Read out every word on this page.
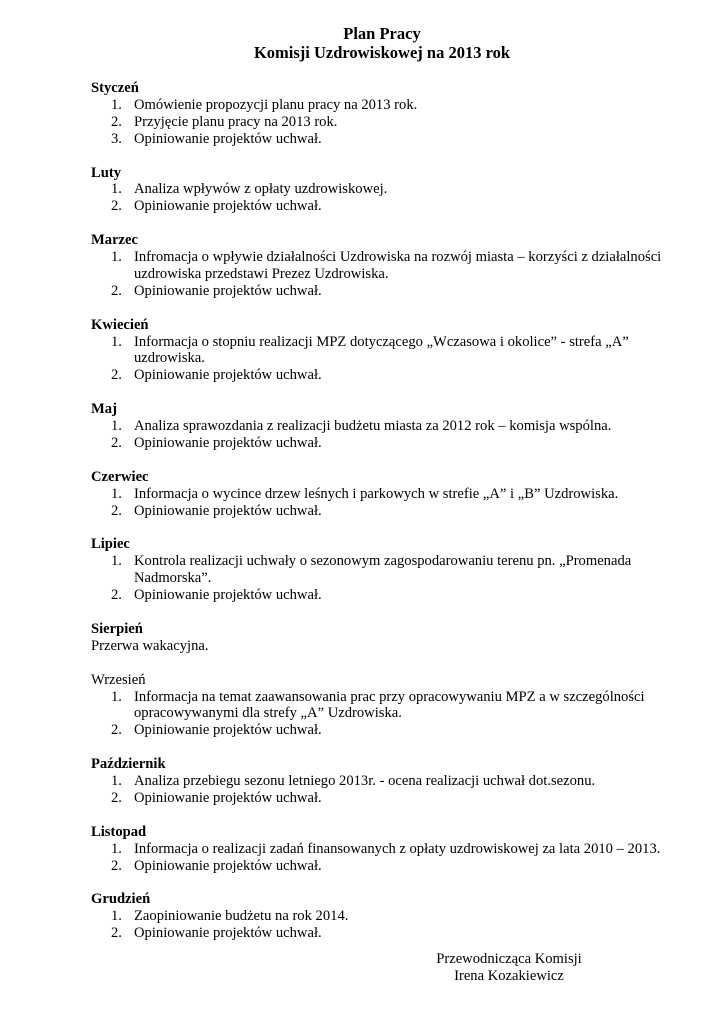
Plan Pracy
Komisji Uzdrowiskowej na 2013 rok
Styczeń
1. Omówienie propozycji planu pracy na 2013 rok.
2. Przyjęcie planu pracy na 2013 rok.
3. Opiniowanie projektów uchwał.
Luty
1. Analiza wpływów z opłaty uzdrowiskowej.
2. Opiniowanie projektów uchwał.
Marzec
1. Infromacja o wpływie działalności Uzdrowiska na rozwój miasta – korzyści z działalności uzdrowiska przedstawi Prezez Uzdrowiska.
2. Opiniowanie projektów uchwał.
Kwiecień
1. Informacja o stopniu realizacji MPZ dotyczącego „Wczasowa i okolice” - strefa „A” uzdrowiska.
2. Opiniowanie projektów uchwał.
Maj
1. Analiza sprawozdania z realizacji budżetu miasta za 2012 rok – komisja wspólna.
2. Opiniowanie projektów uchwał.
Czerwiec
1. Informacja o wycince drzew leśnych i parkowych w strefie „A” i „B” Uzdrowiska.
2. Opiniowanie projektów uchwał.
Lipiec
1. Kontrola realizacji uchwały o sezonowym zagospodarowaniu terenu pn. „Promenada Nadmorska”.
2. Opiniowanie projektów uchwał.
Sierpień
Przerwa wakacyjna.
Wrzesień
1. Informacja na temat zaawansowania prac przy opracowywaniu MPZ a w szczególności opracowywanymi dla strefy „A” Uzdrowiska.
2. Opiniowanie projektów uchwał.
Październik
1. Analiza przebiegu sezonu letniego 2013r. - ocena realizacji uchwał dot.sezonu.
2. Opiniowanie projektów uchwał.
Listopad
1. Informacja o realizacji zadań finansowanych z opłaty uzdrowiskowej za lata 2010 – 2013.
2. Opiniowanie projektów uchwał.
Grudzień
1. Zaopiniowanie budżetu na rok 2014.
2. Opiniowanie projektów uchwał.
Przewodnicząca Komisji
Irena Kozakiewicz
